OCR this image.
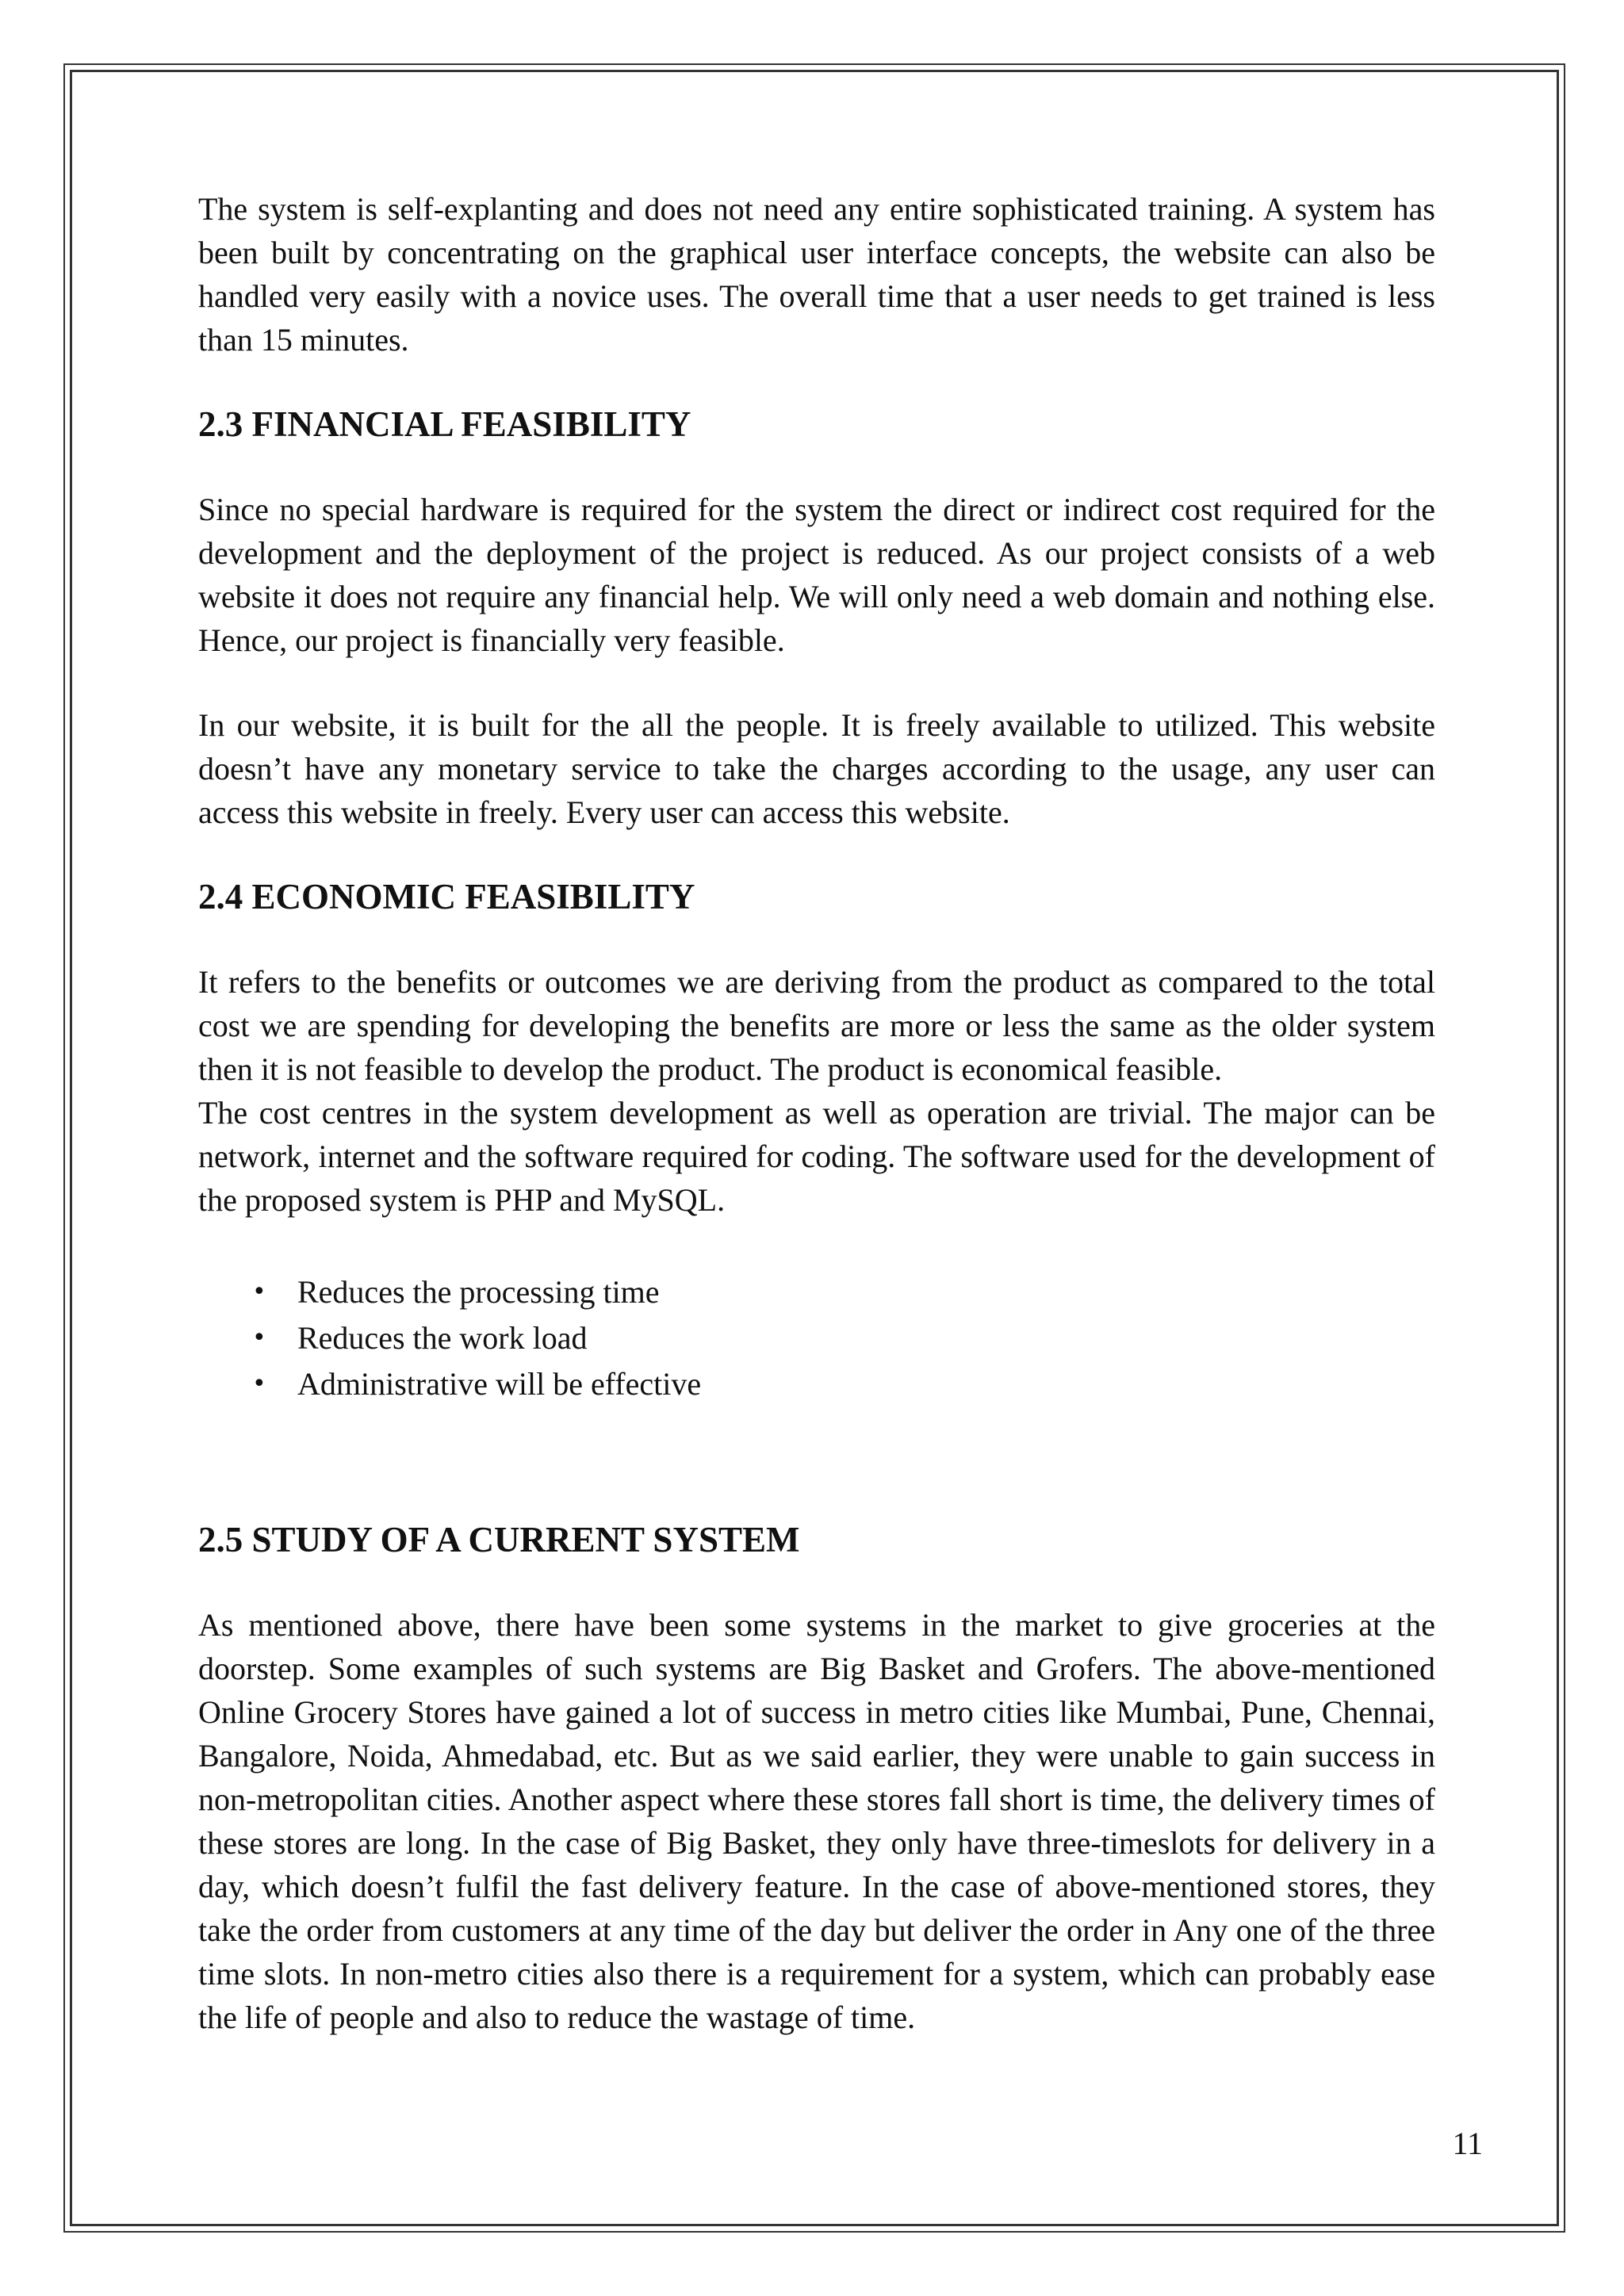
The system is self-explanting and does not need any entire sophisticated training. A system has been built by concentrating on the graphical user interface concepts, the website can also be handled very easily with a novice uses. The overall time that a user needs to get trained is less than 15 minutes.

2.3 FINANCIAL FEASIBILITY

Since no special hardware is required for the system the direct or indirect cost required for the development and the deployment of the project is reduced. As our project consists of a web website it does not require any financial help. We will only need a web domain and nothing else. Hence, our project is financially very feasible.

In our website, it is built for the all the people. It is freely available to utilized. This website doesn’t have any monetary service to take the charges according to the usage, any user can access this website in freely. Every user can access this website.

2.4 ECONOMIC FEASIBILITY

It refers to the benefits or outcomes we are deriving from the product as compared to the total cost we are spending for developing the benefits are more or less the same as the older system then it is not feasible to develop the product. The product is economical feasible.

The cost centres in the system development as well as operation are trivial. The major can be network, internet and the software required for coding. The software used for the development of the proposed system is PHP and MySQL.

• Reduces the processing time
• Reduces the work load
• Administrative will be effective
2.5 STUDY OF A CURRENT SYSTEM

As mentioned above, there have been some systems in the market to give groceries at the doorstep. Some examples of such systems are Big Basket and Grofers. The above-mentioned Online Grocery Stores have gained a lot of success in metro cities like Mumbai, Pune, Chennai, Bangalore, Noida, Ahmedabad, etc. But as we said earlier, they were unable to gain success in non-metropolitan cities. Another aspect where these stores fall short is time, the delivery times of these stores are long. In the case of Big Basket, they only have three-timeslots for delivery in a day, which doesn’t fulfil the fast delivery feature. In the case of above-mentioned stores, they take the order from customers at any time of the day but deliver the order in Any one of the three time slots. In non-metro cities also there is a requirement for a system, which can probably ease the life of people and also to reduce the wastage of time.

11
